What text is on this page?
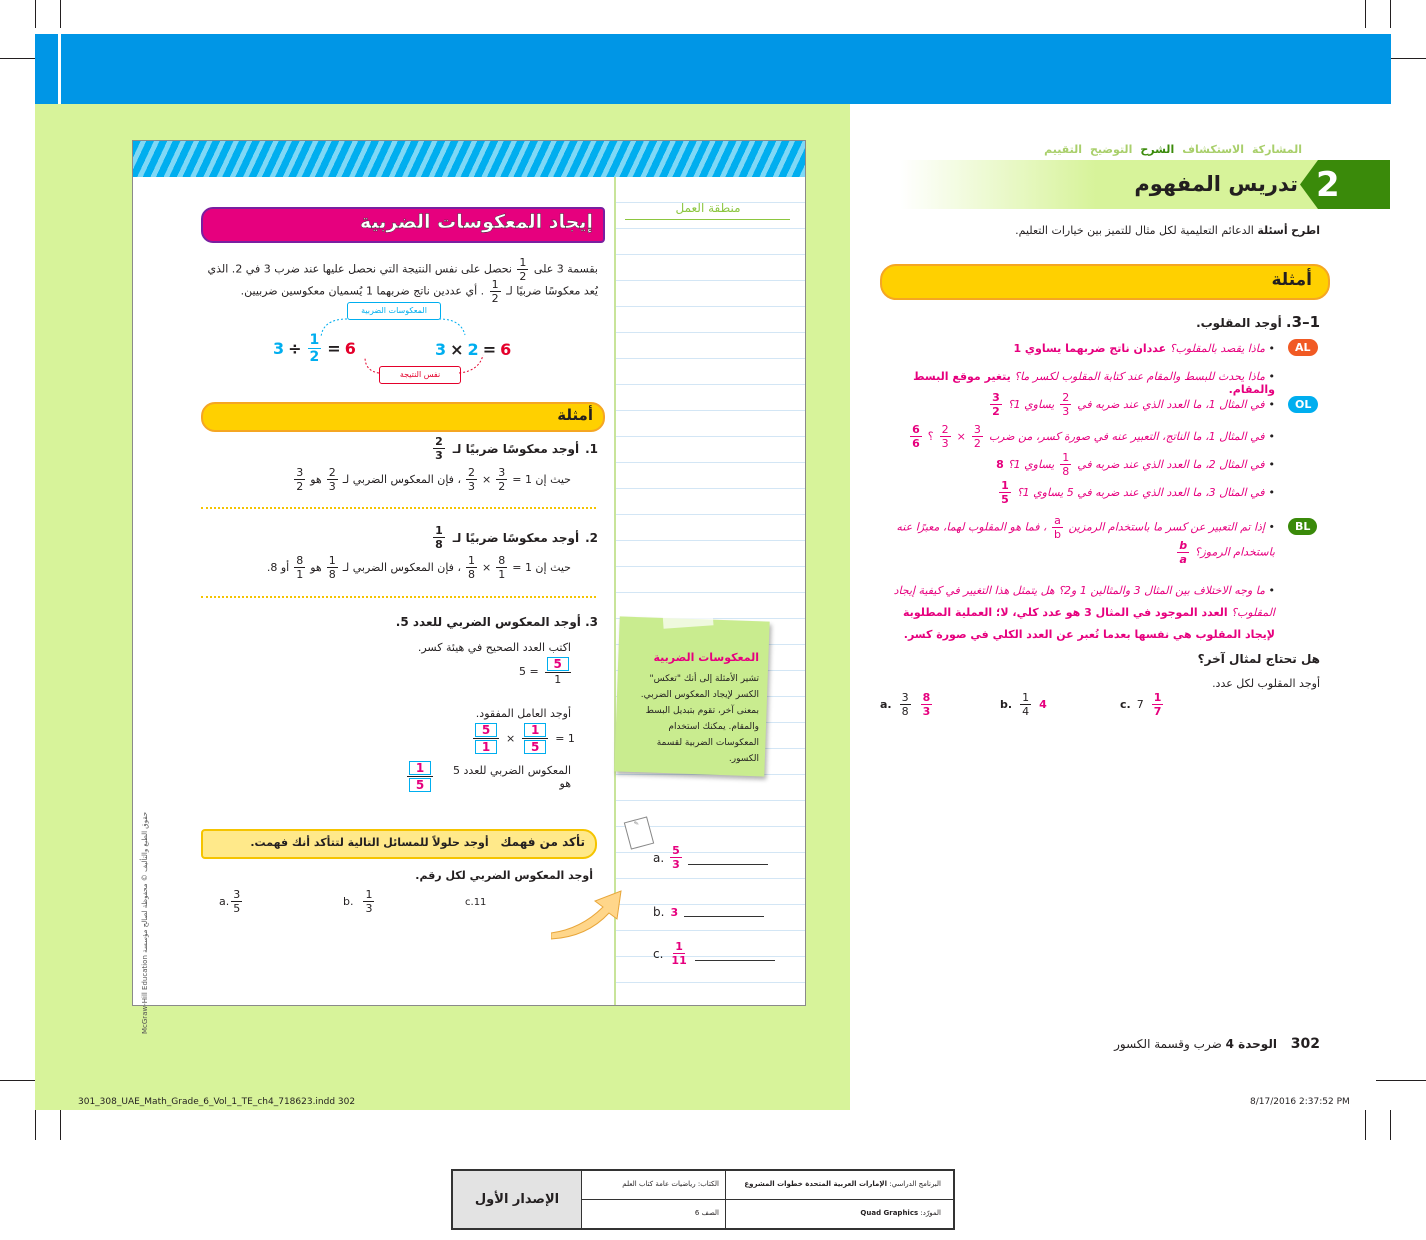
منطقة العمل
إيجاد المعكوسات الضربية
بقسمة 3 على
$\frac{1}{2}$
نحصل على نفس النتيجة التي نحصل عليها عند ضرب 3 في 2. الذي
يُعد معكوسًا ضربيًا لـ
$\frac{1}{2}$
. أي عددين ناتج ضربهما 1 يُسميان معكوسين ضربيين.
المعكوسات الضربية
نفس النتيجة
$3 \div \frac{1}{2} = 6$	3 × 2 = 6
أمثلة
1.
أوجد معكوسًا ضربيًا لـ
$\frac{2}{3}$
حيث إن 1 =
$\frac{3}{2}$
×
$\frac{2}{3}$
، فإن المعكوس الضربي لـ
$\frac{2}{3}$
هو
$\frac{3}{2}$
2.
أوجد معكوسًا ضربيًا لـ
$\frac{1}{8}$
حيث إن 1 =
$\frac{8}{1}$
×
$\frac{1}{8}$
، فإن المعكوس الضربي لـ
$\frac{1}{8}$
هو
$\frac{8}{1}$
أو 8.
3. أوجد المعكوس الضربي للعدد 5.
اكتب العدد الصحيح في هيئة كسر.
$5 = \frac{5}{1}$
أوجد العامل المفقود.
$\frac{5}{1} \times \frac{1}{5} = 1$
المعكوس الضربي للعدد 5 هو
$\frac{1}{5}$
تأكد من فهمك أوجد حلولاً للمسائل التالية لتتأكد أنك فهمت.
أوجد المعكوس الضربي لكل رقم.
a. $\frac{3}{5}$	b. $\frac{1}{3}$	c.11
المعكوسات الضربية
تشير الأمثلة إلى أنك "تعكس" الكسر لإيجاد المعكوس الضربي. بمعنى آخر، تقوم بتبديل البسط والمقام. يمكنك استخدام المعكوسات الضربية لقسمة الكسور.
✎
a. $\frac{5}{3}$
b. 3
c. $\frac{1}{11}$
McGraw-Hill Education حقوق الطبع والتأليف © محفوظة لصالح مؤسسة
المشاركة
الاستكشاف
الشرح
التوضيح
التقييم
2
تدريس المفهوم
اطرح أسئلة الدعائم التعليمية لكل مثال للتميز بين خيارات التعليم.
أمثلة
1–3. أوجد المقلوب.
AL
OL
BL
• ماذا يقصد بالمقلوب؟ عددان ناتج ضربهما يساوي 1
• ماذا يحدث للبسط والمقام عند كتابة المقلوب لكسر ما؟ يتغير موقع البسط والمقام.
•
في المثال 1، ما العدد الذي عند ضربه في
$\frac{2}{3}$
يساوي 1؟
$\frac{3}{2}$
•
في المثال 1، ما الناتج، التعبير عنه في صورة كسر، من ضرب
$\frac{3}{2}$
×
$\frac{2}{3}$
؟
$\frac{6}{6}$
•
في المثال 2، ما العدد الذي عند ضربه في
$\frac{1}{8}$
يساوي 1؟
8
•
في المثال 3، ما العدد الذي عند ضربه في 5 يساوي 1؟
$\frac{1}{5}$
• إذا تم التعبير عن كسر ما باستخدام الرمزين
$\frac{a}{b}$
، فما هو المقلوب لهما، معبرًا عنه باستخدام الرموز؟
$\frac{b}{a}$
• ما وجه الاختلاف بين المثال 3 والمثالين 1 و2؟ هل يتمثل هذا التغيير في كيفية إيجاد المقلوب؟ العدد الموجود في المثال 3 هو عدد كلي، لا؛ العملية المطلوبة لإيجاد المقلوب هي نفسها بعدما تُعبر عن العدد الكلي في صورة كسر.
هل تحتاج لمثال آخر؟
أوجد المقلوب لكل عدد.
a. $\frac{3}{8} \frac{8}{3}$	b. $\frac{1}{4} 4$	c. $7 \frac{1}{7}$
302 الوحدة 4 ضرب وقسمة الكسور
301_308_UAE_Math_Grade_6_Vol_1_TE_ch4_718623.indd 302	8/17/2016 2:37:52 PM
الإصدار الأول
البرنامج الدراسي: الإمارات العربية المتحدة خطوات المشروع
الكتاب: رياضيات عامة كتاب العلم
المورّد: Quad Graphics
الصف 6
